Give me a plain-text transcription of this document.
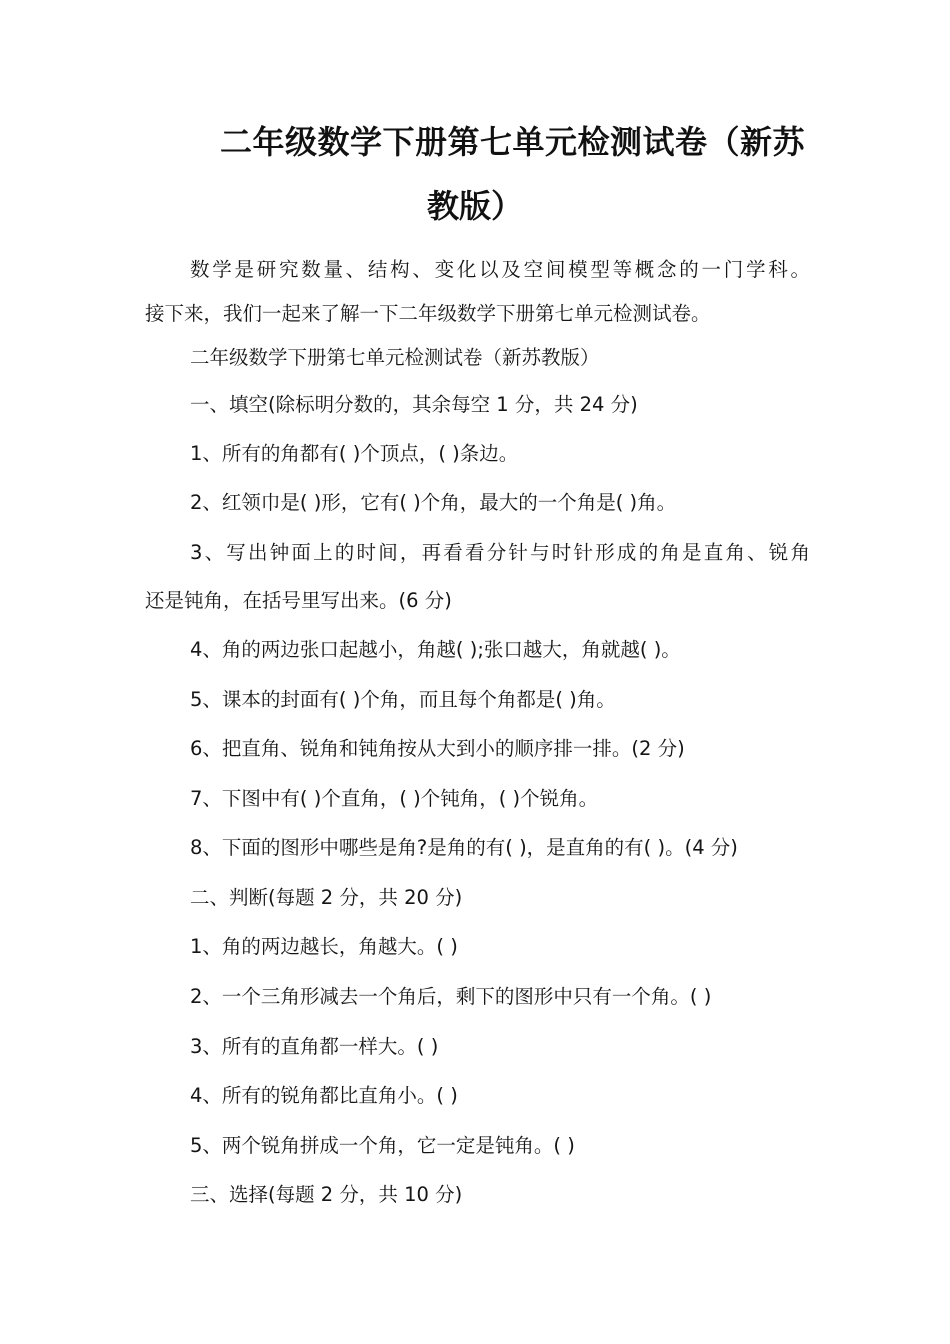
二年级数学下册第七单元检测试卷（新苏
教版）
数学是研究数量、结构、变化以及空间模型等概念的一门学科。
接下来，我们一起来了解一下二年级数学下册第七单元检测试卷。
二年级数学下册第七单元检测试卷（新苏教版）
一、填空(除标明分数的，其余每空 1 分，共 24 分)
1、所有的角都有( )个顶点，( )条边。
2、红领巾是( )形，它有( )个角，最大的一个角是( )角。
3、写出钟面上的时间，再看看分针与时针形成的角是直角、锐角
还是钝角，在括号里写出来。(6 分)
4、角的两边张口起越小，角越( );张口越大，角就越( )。
5、课本的封面有( )个角，而且每个角都是( )角。
6、把直角、锐角和钝角按从大到小的顺序排一排。(2 分)
7、下图中有( )个直角，( )个钝角，( )个锐角。
8、下面的图形中哪些是角?是角的有( )，是直角的有( )。(4 分)
二、判断(每题 2 分，共 20 分)
1、角的两边越长，角越大。( )
2、一个三角形减去一个角后，剩下的图形中只有一个角。( )
3、所有的直角都一样大。( )
4、所有的锐角都比直角小。( )
5、两个锐角拼成一个角，它一定是钝角。( )
三、选择(每题 2 分，共 10 分)
